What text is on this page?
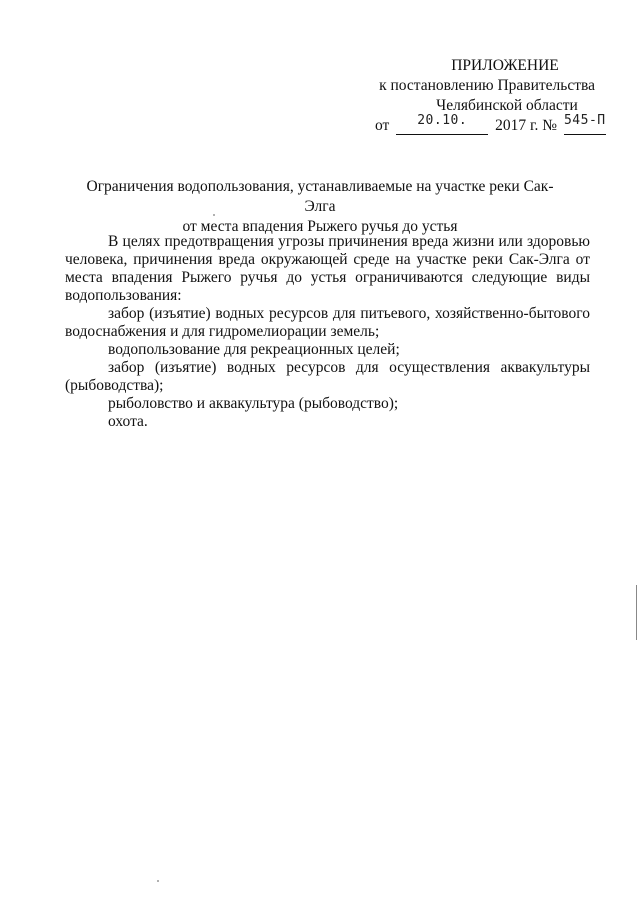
ПРИЛОЖЕНИЕ
к постановлению Правительства
Челябинской области
от $^{20.10.}$ 2017 г. № $^{545-П}$
Ограничения водопользования, устанавливаемые на участке реки Сак-Элга
от места впадения Рыжего ручья до устья

В целях предотвращения угрозы причинения вреда жизни или здоровью человека, причинения вреда окружающей среде на участке реки Сак-Элга от места впадения Рыжего ручья до устья ограничиваются следующие виды водопользования:

забор (изъятие) водных ресурсов для питьевого, хозяйственно-бытового водоснабжения и для гидромелиорации земель;

водопользование для рекреационных целей;

забор (изъятие) водных ресурсов для осуществления аквакультуры (рыбоводства);

рыболовство и аквакультура (рыбоводство);

охота.
